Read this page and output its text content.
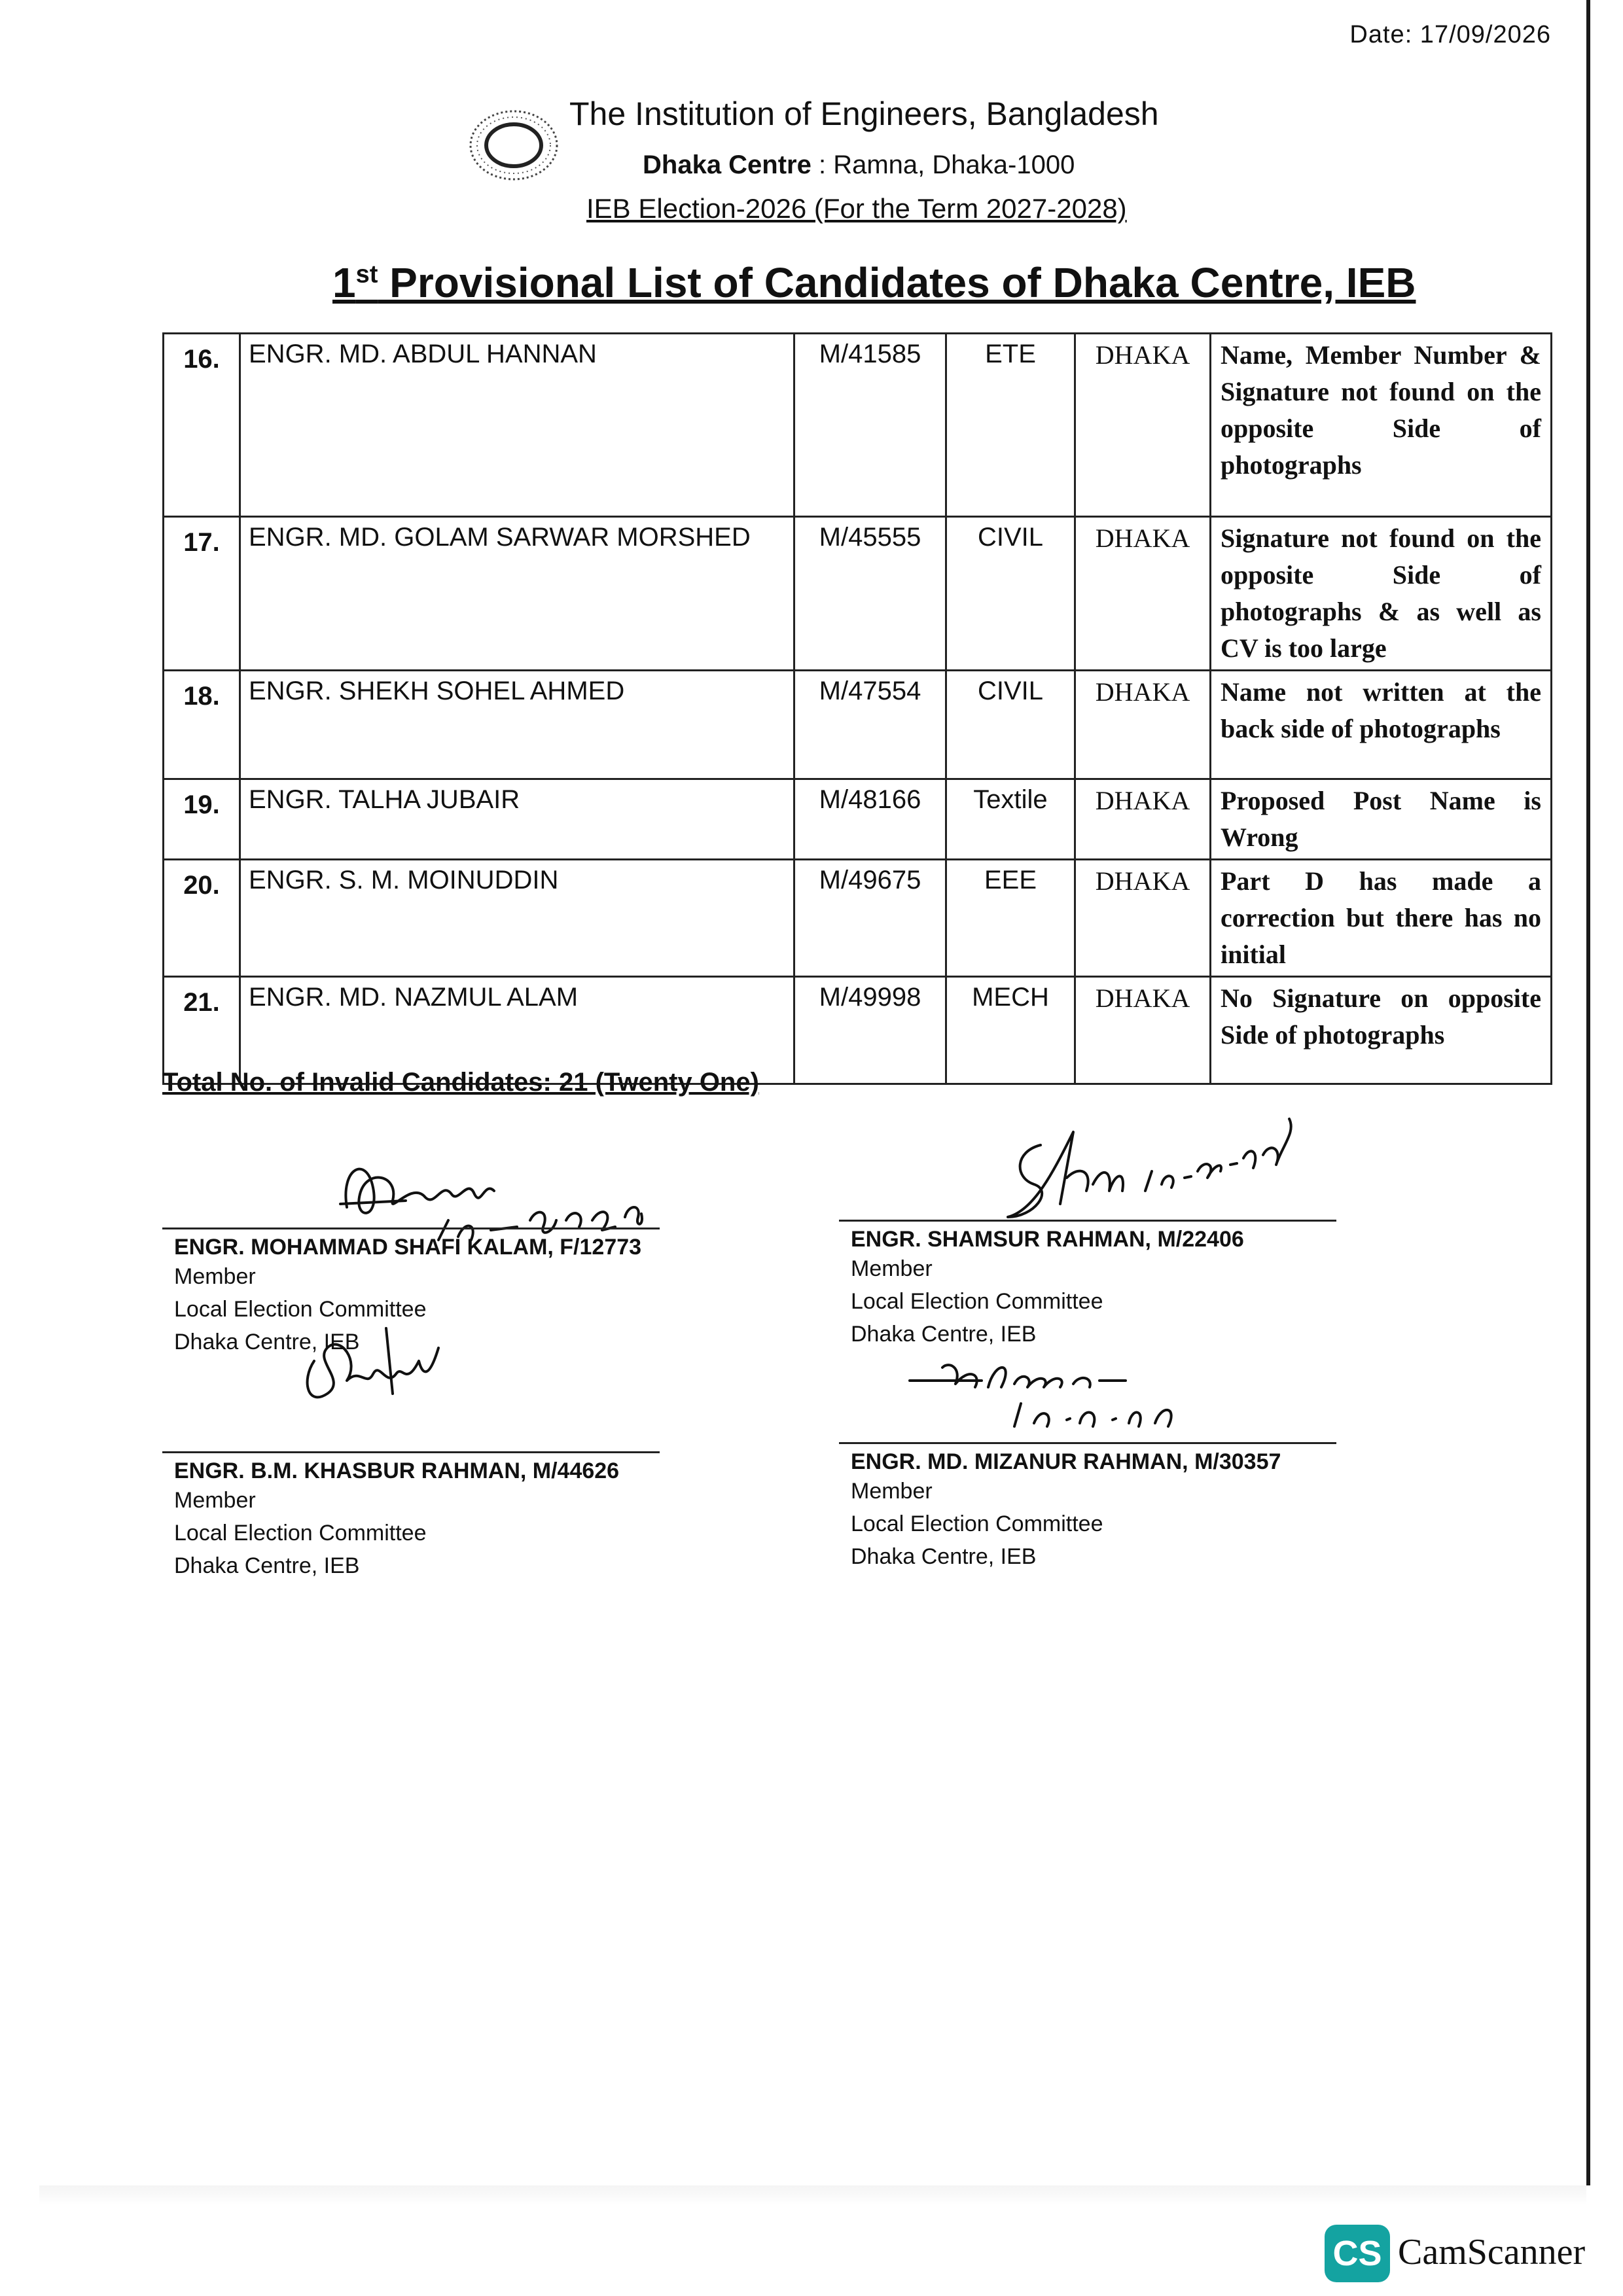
Date: 17/09/2026
The Institution of Engineers, Bangladesh
Dhaka Centre : Ramna, Dhaka-1000
IEB Election-2026 (For the Term 2027-2028)
1st Provisional List of Candidates of Dhaka Centre, IEB
16.	ENGR. MD. ABDUL HANNAN	M/41585	ETE	DHAKA	Name, Member Number & Signature not found on the opposite Side of photographs
17.	ENGR. MD. GOLAM SARWAR MORSHED	M/45555	CIVIL	DHAKA	Signature not found on the opposite Side of photographs & as well as CV is too large
18.	ENGR. SHEKH SOHEL AHMED	M/47554	CIVIL	DHAKA	Name not written at the back side of photographs
19.	ENGR. TALHA JUBAIR	M/48166	Textile	DHAKA	Proposed Post Name is Wrong
20.	ENGR. S. M. MOINUDDIN	M/49675	EEE	DHAKA	Part D has made a correction but there has no initial
21.	ENGR. MD. NAZMUL ALAM	M/49998	MECH	DHAKA	No Signature on opposite Side of photographs
Total No. of Invalid Candidates: 21 (Twenty One)
ENGR. MOHAMMAD SHAFI KALAM, F/12773
Member
Local Election Committee
Dhaka Centre, IEB
ENGR. SHAMSUR RAHMAN, M/22406
Member
Local Election Committee
Dhaka Centre, IEB
ENGR. B.M. KHASBUR RAHMAN, M/44626
Member
Local Election Committee
Dhaka Centre, IEB
ENGR. MD. MIZANUR RAHMAN, M/30357
Member
Local Election Committee
Dhaka Centre, IEB
CS CamScanner
